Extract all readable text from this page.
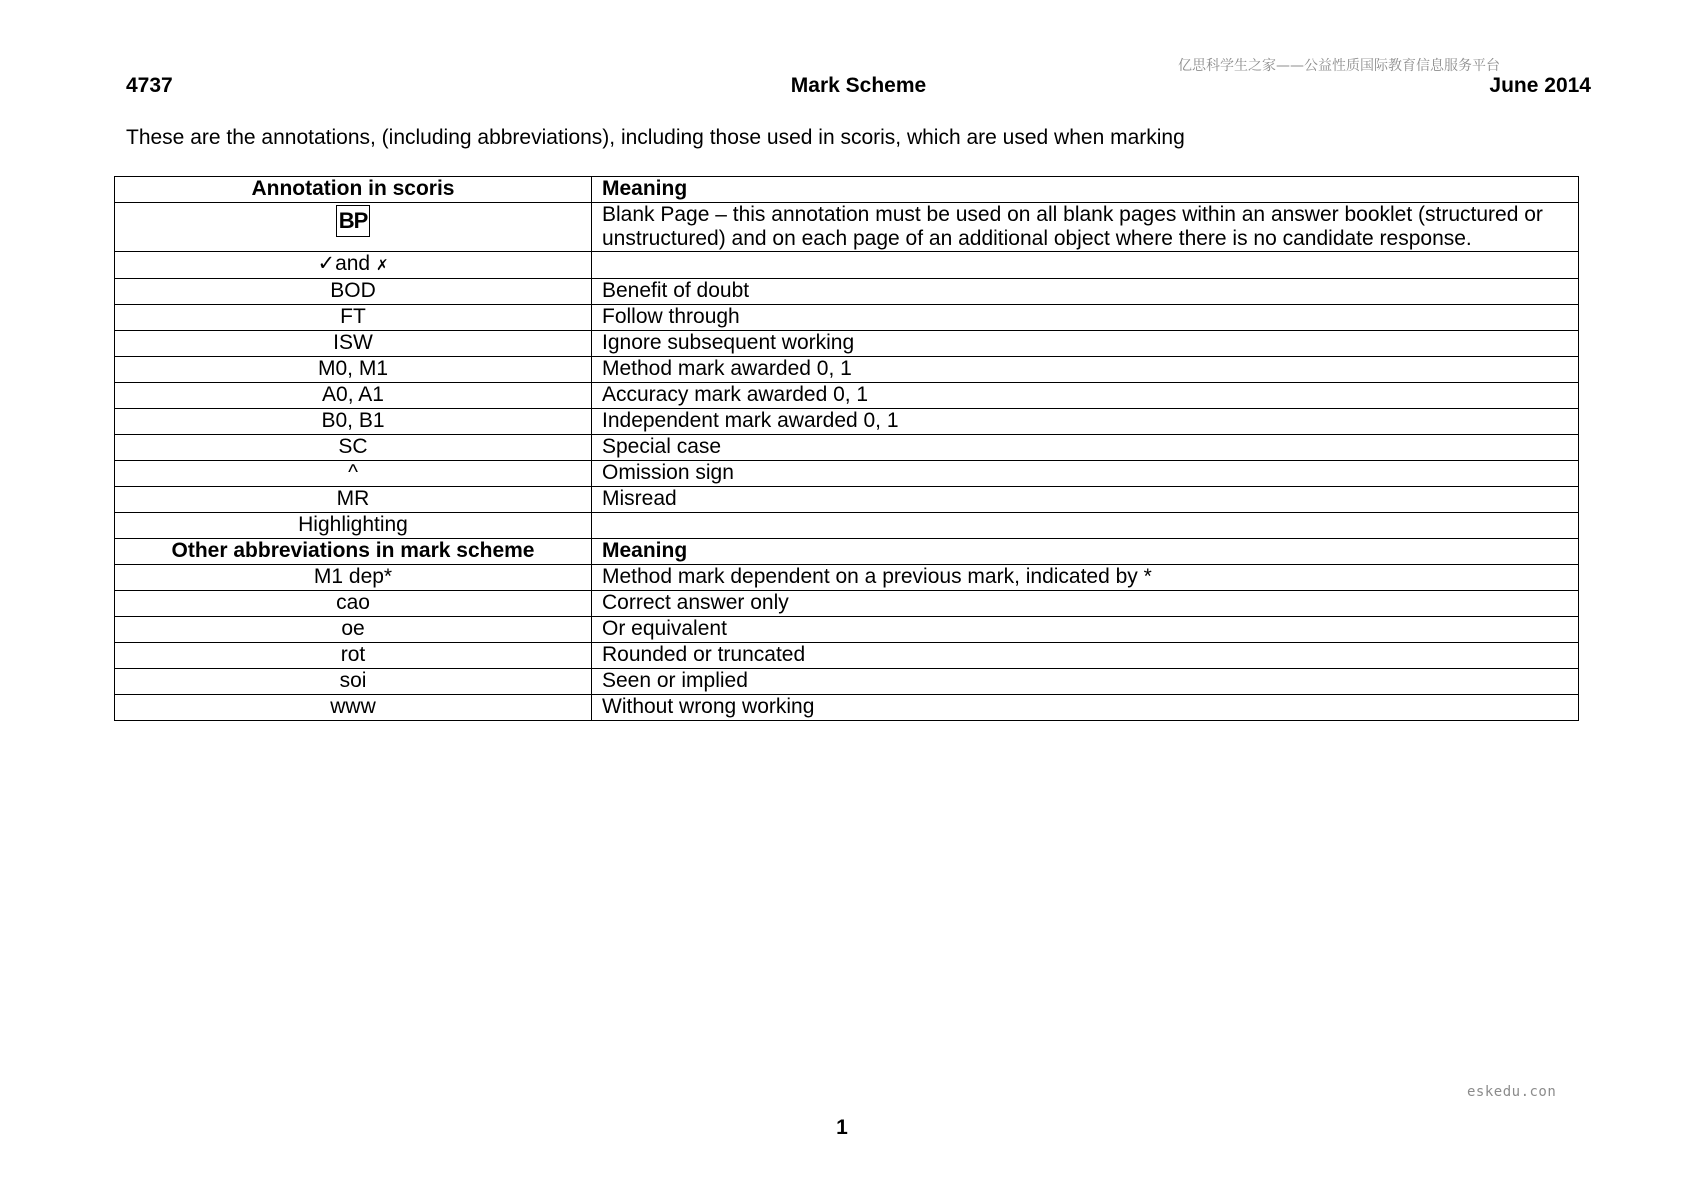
亿思科学生之家——公益性质国际教育信息服务平台
4737	Mark Scheme	June 2014
These are the annotations, (including abbreviations), including those used in scoris, which are used when marking
Annotation in scoris	Meaning
BP	Blank Page – this annotation must be used on all blank pages within an answer booklet (structured or unstructured) and on each page of an additional object where there is no candidate response.
✓and ✗	
BOD	Benefit of doubt
FT	Follow through
ISW	Ignore subsequent working
M0, M1	Method mark awarded 0, 1
A0, A1	Accuracy mark awarded 0, 1
B0, B1	Independent mark awarded 0, 1
SC	Special case
^	Omission sign
MR	Misread
Highlighting	
Other abbreviations in mark scheme	Meaning
M1 dep*	Method mark dependent on a previous mark, indicated by *
cao	Correct answer only
oe	Or equivalent
rot	Rounded or truncated
soi	Seen or implied
www	Without wrong working
eskedu.con
1
